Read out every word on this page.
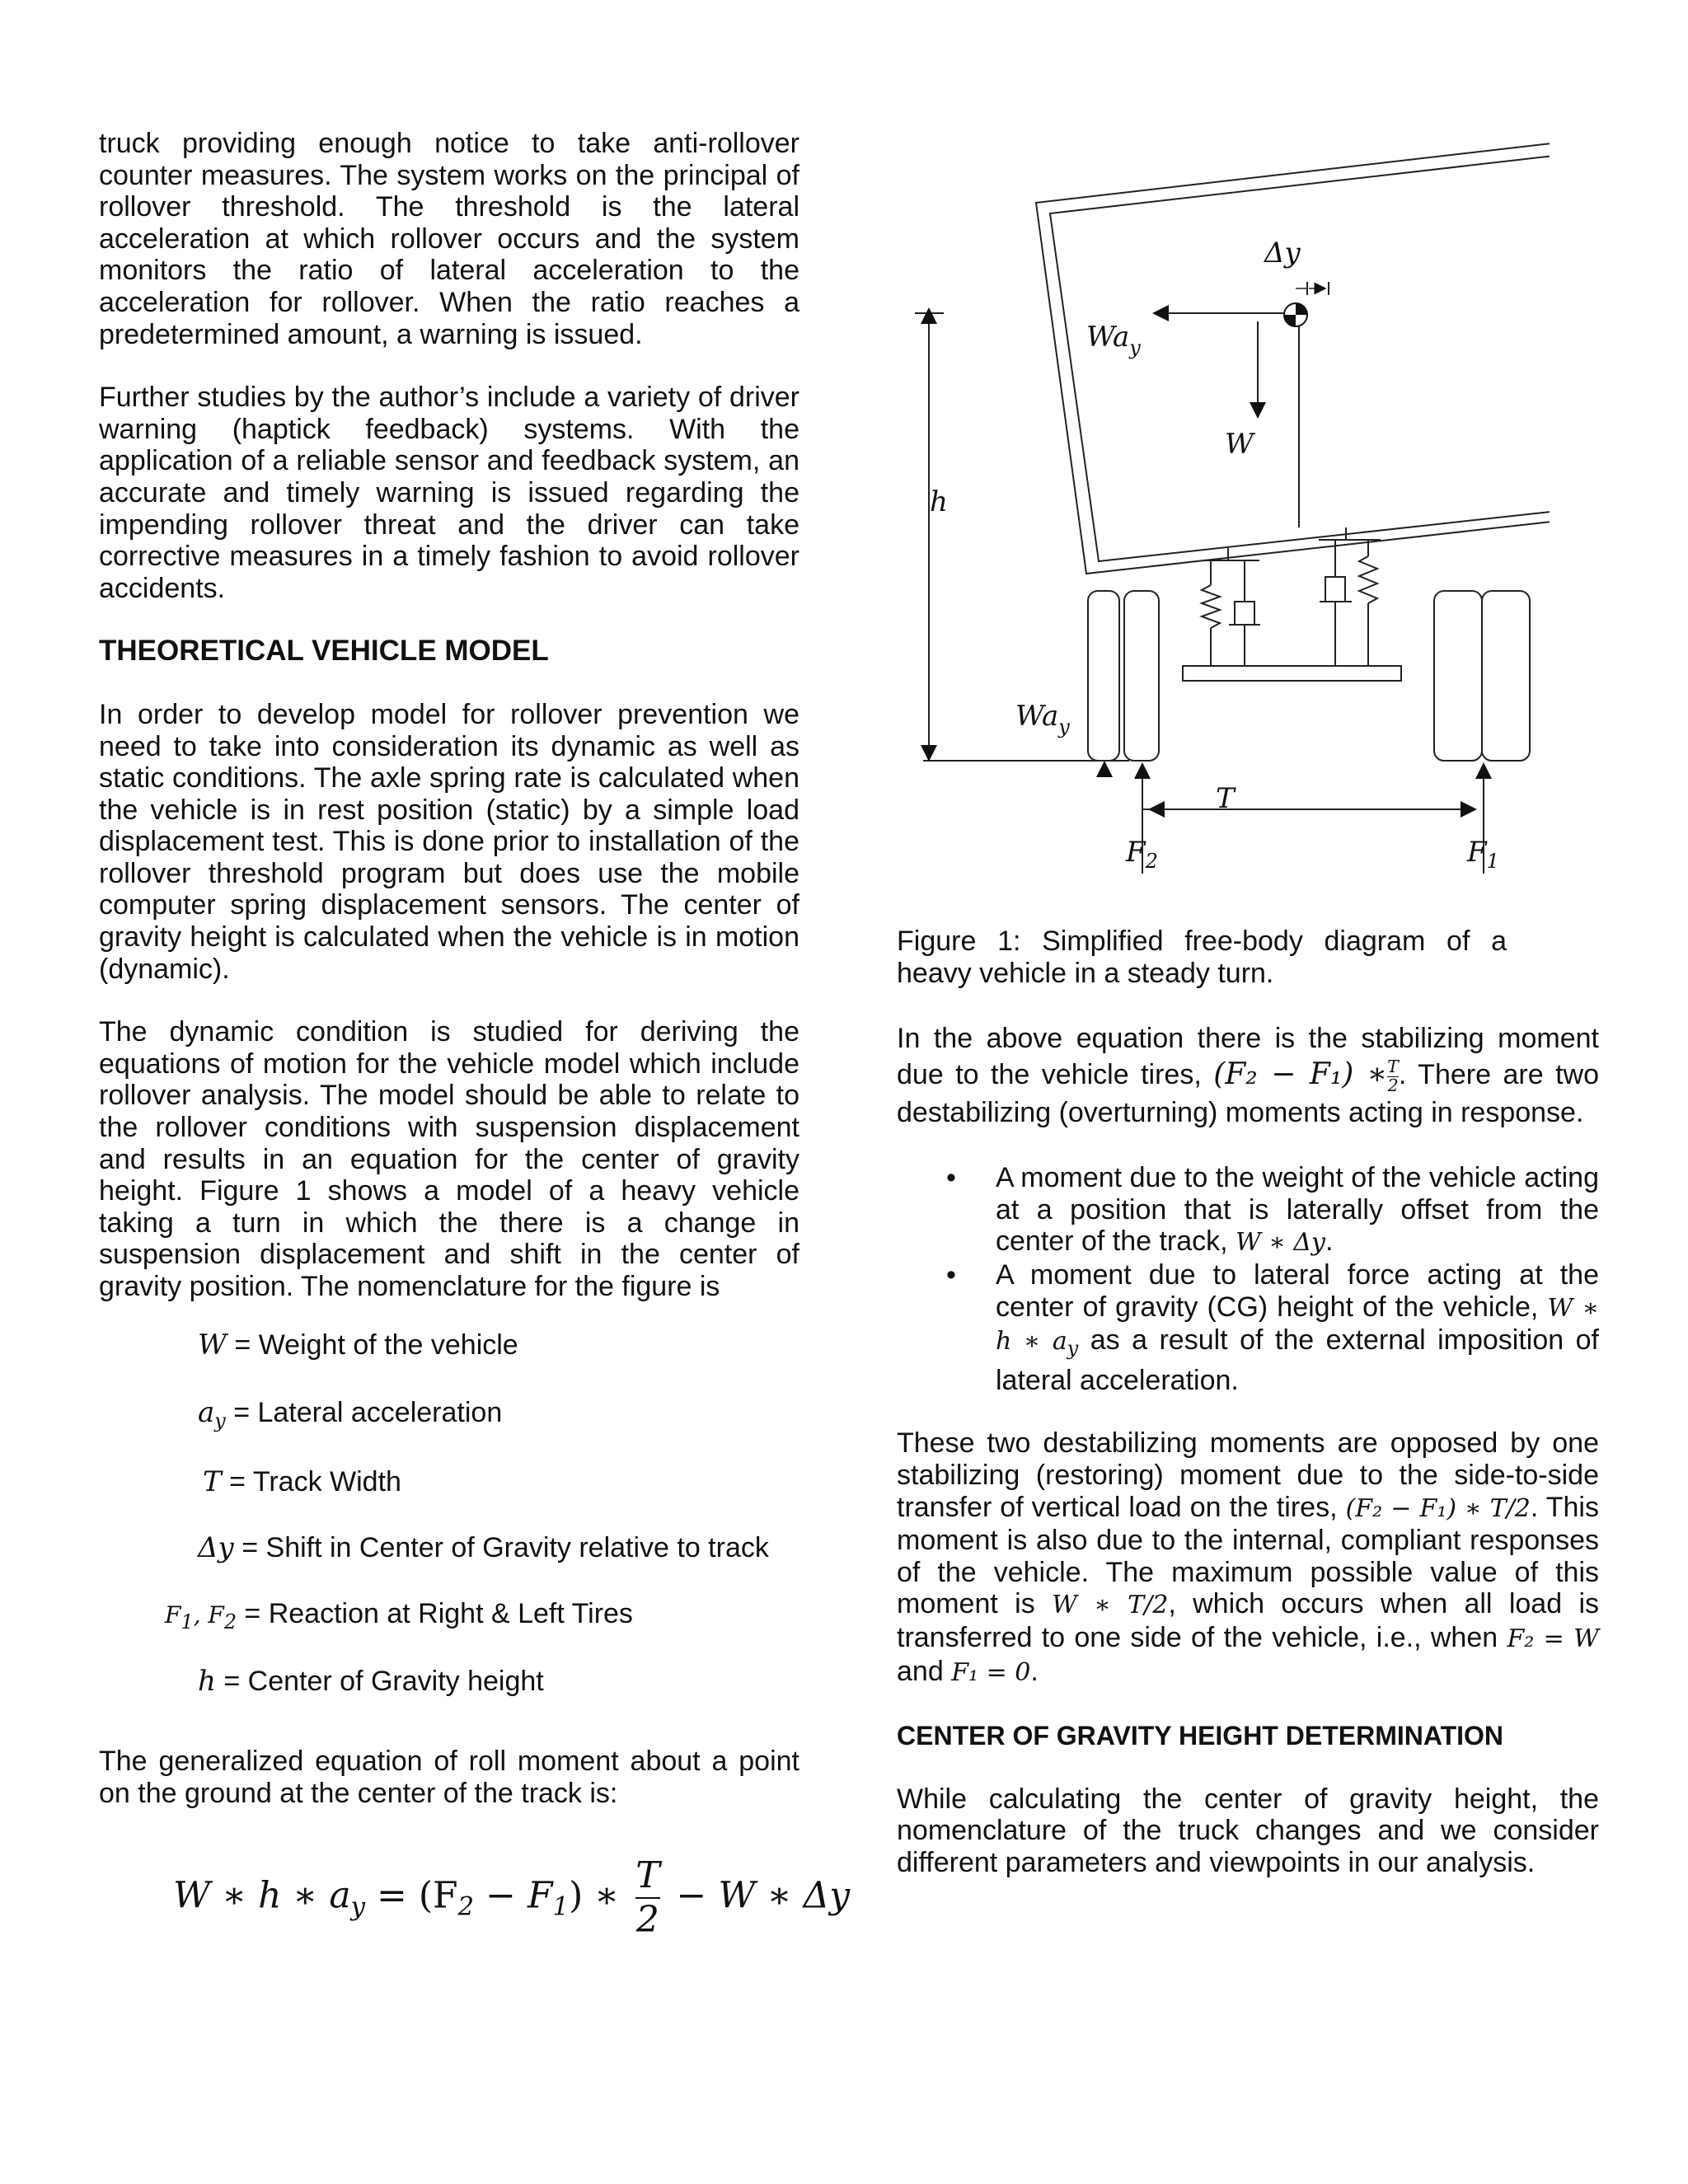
truck providing enough notice to take anti-rollover counter measures. The system works on the principal of rollover threshold. The threshold is the lateral acceleration at which rollover occurs and the system monitors the ratio of lateral acceleration to the acceleration for rollover. When the ratio reaches a predetermined amount, a warning is issued.

Further studies by the author’s include a variety of driver warning (haptick feedback) systems. With the application of a reliable sensor and feedback system, an accurate and timely warning is issued regarding the impending rollover threat and the driver can take corrective measures in a timely fashion to avoid rollover accidents.

THEORETICAL VEHICLE MODEL

In order to develop model for rollover prevention we need to take into consideration its dynamic as well as static conditions. The axle spring rate is calculated when the vehicle is in rest position (static) by a simple load displacement test. This is done prior to installation of the rollover threshold program but does use the mobile computer spring displacement sensors. The center of gravity height is calculated when the vehicle is in motion (dynamic).

The dynamic condition is studied for deriving the equations of motion for the vehicle model which include rollover analysis. The model should be able to relate to the rollover conditions with suspension displacement and results in an equation for the center of gravity height. Figure 1 shows a model of a heavy vehicle taking a turn in which the there is a change in suspension displacement and shift in the center of gravity position. The nomenclature for the figure is

W = Weight of the vehicle
$a_y$ = Lateral acceleration
T = Track Width
Δy = Shift in Center of Gravity relative to track
$F_1$, $F_2$ = Reaction at Right & Left Tires
h = Center of Gravity height

The generalized equation of roll moment about a point on the ground at the center of the track is:

W ∗ h ∗ $a_y = (F_2 - F_1)$ ∗ $\frac{T}{2} - W$ ∗ Δy
Δy
$Wa_y$
W
h
$Wa_y$
T
$F_2$	$F_1$

Figure 1: Simplified free-body diagram of a heavy vehicle in a steady turn.

In the above equation there is the stabilizing moment due to the vehicle tires, (F₂ − F₁) ∗ $\frac{T}{2}$ . There are two destabilizing (overturning) moments acting in response.

• A moment due to the weight of the vehicle acting at a position that is laterally offset from the center of the track, W ∗ Δy.
• A moment due to lateral force acting at the center of gravity (CG) height of the vehicle, W ∗ h ∗ $a_y$ as a result of the external imposition of lateral acceleration.

These two destabilizing moments are opposed by one stabilizing (restoring) moment due to the side-to-side transfer of vertical load on the tires, (F₂ − F₁) ∗ T/2. This moment is also due to the internal, compliant responses of the vehicle. The maximum possible value of this moment is W ∗ T/2, which occurs when all load is transferred to one side of the vehicle, i.e., when F₂ = W and F₁ = 0.

CENTER OF GRAVITY HEIGHT DETERMINATION

While calculating the center of gravity height, the nomenclature of the truck changes and we consider different parameters and viewpoints in our analysis.
